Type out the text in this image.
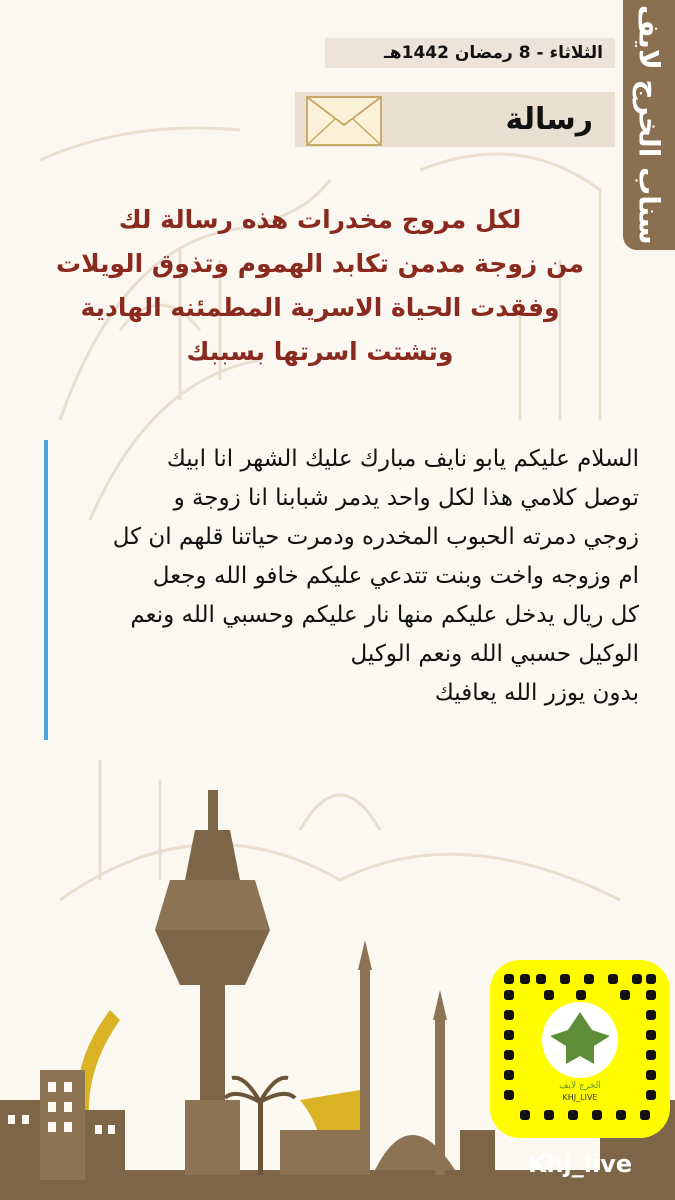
سناب الخرج لايف
الثلاثاء - 8 رمضان 1442هـ
رسالة
لكل مروج مخدرات هذه رسالة لك
من زوجة مدمن تكابد الهموم وتذوق الويلات
وفقدت الحياة الاسرية المطمئنه الهادية
وتشتت اسرتها بسببك
السلام عليكم يابو نايف مبارك عليك الشهر انا ابيك
توصل كلامي هذا لكل واحد يدمر شبابنا انا زوجة و
زوجي دمرته الحبوب المخدره ودمرت حياتنا قلهم ان كل
ام وزوجه واخت وبنت تتدعي عليكم خافو الله وجعل
كل ريال يدخل عليكم منها نار عليكم وحسبي الله ونعم
الوكيل حسبي الله ونعم الوكيل
بدون يوزر الله يعافيك
الخرج لايف
KHJ_LIVE
Khj_live
